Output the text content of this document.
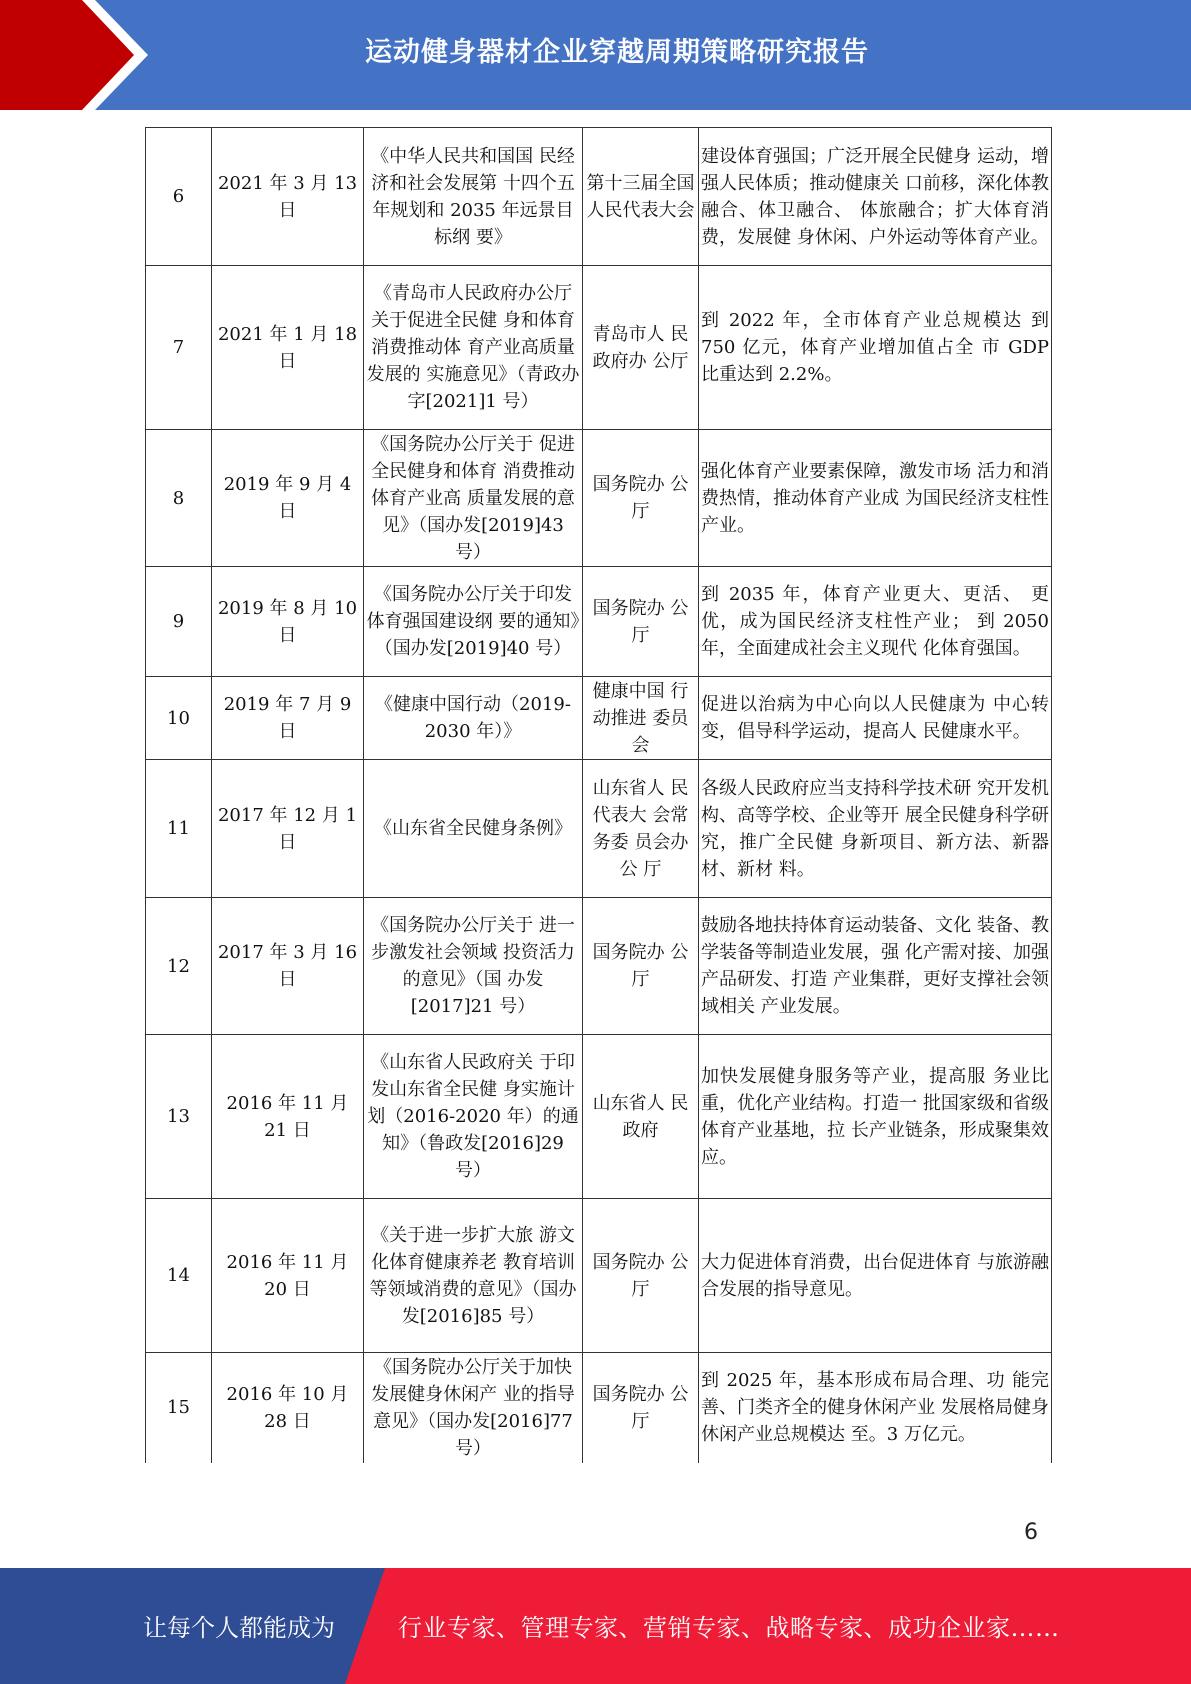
运动健身器材企业穿越周期策略研究报告
6	2021 年 3 月 13 日	《中华人民共和国国 民经济和社会发展第 十四个五年规划和 2035 年远景目标纲 要》	第十三届全国人民代表大会	建设体育强国；广泛开展全民健身 运动，增强人民体质；推动健康关 口前移，深化体教融合、体卫融合、 体旅融合；扩大体育消费，发展健 身休闲、户外运动等体育产业。
7	2021 年 1 月 18 日	《青岛市人民政府办公厅关于促进全民健 身和体育消费推动体 育产业高质量发展的 实施意见》（青政办字[2021]1 号）	青岛市人 民政府办 公厅	到 2022 年，全市体育产业总规模达 到 750 亿元，体育产业增加值占全 市 GDP 比重达到 2.2%。
8	2019 年 9 月 4 日	《国务院办公厅关于 促进全民健身和体育 消费推动体育产业高 质量发展的意见》（国办发[2019]43 号）	国务院办 公厅	强化体育产业要素保障，激发市场 活力和消费热情，推动体育产业成 为国民经济支柱性产业。
9	2019 年 8 月 10 日	《国务院办公厅关于印发体育强国建设纲 要的通知》（国办发[2019]40 号）	国务院办 公厅	到 2035 年，体育产业更大、更活、 更优，成为国民经济支柱性产业； 到 2050 年，全面建成社会主义现代 化体育强国。
10	2019 年 7 月 9 日	《健康中国行动（2019-2030 年）》	健康中国 行动推进 委员会	促进以治病为中心向以人民健康为 中心转变，倡导科学运动，提高人 民健康水平。
11	2017 年 12 月 1 日	《山东省全民健身条例》	山东省人 民代表大 会常务委 员会办公 厅	各级人民政府应当支持科学技术研 究开发机构、高等学校、企业等开 展全民健身科学研究，推广全民健 身新项目、新方法、新器材、新材 料。
12	2017 年 3 月 16 日	《国务院办公厅关于 进一步激发社会领域 投资活力的意见》（国 办发[2017]21 号）	国务院办 公厅	鼓励各地扶持体育运动装备、文化 装备、教学装备等制造业发展，强 化产需对接、加强产品研发、打造 产业集群，更好支撑社会领域相关 产业发展。
13	2016 年 11 月 21 日	《山东省人民政府关 于印发山东省全民健 身实施计划（2016-2020 年）的通知》（鲁政发[2016]29 号）	山东省人 民政府	加快发展健身服务等产业，提高服 务业比重，优化产业结构。打造一 批国家级和省级体育产业基地，拉 长产业链条，形成聚集效应。
14	2016 年 11 月 20 日	《关于进一步扩大旅 游文化体育健康养老 教育培训等领域消费的意见》（国办发[2016]85 号）	国务院办 公厅	大力促进体育消费，出台促进体育 与旅游融合发展的指导意见。
15	2016 年 10 月 28 日	《国务院办公厅关于加快发展健身休闲产 业的指导意见》（国办发[2016]77 号）	国务院办 公厅	到 2025 年，基本形成布局合理、功 能完善、门类齐全的健身休闲产业 发展格局健身休闲产业总规模达 至。3 万亿元。
6
让每个人都能成为	行业专家、管理专家、营销专家、战略专家、成功企业家……
